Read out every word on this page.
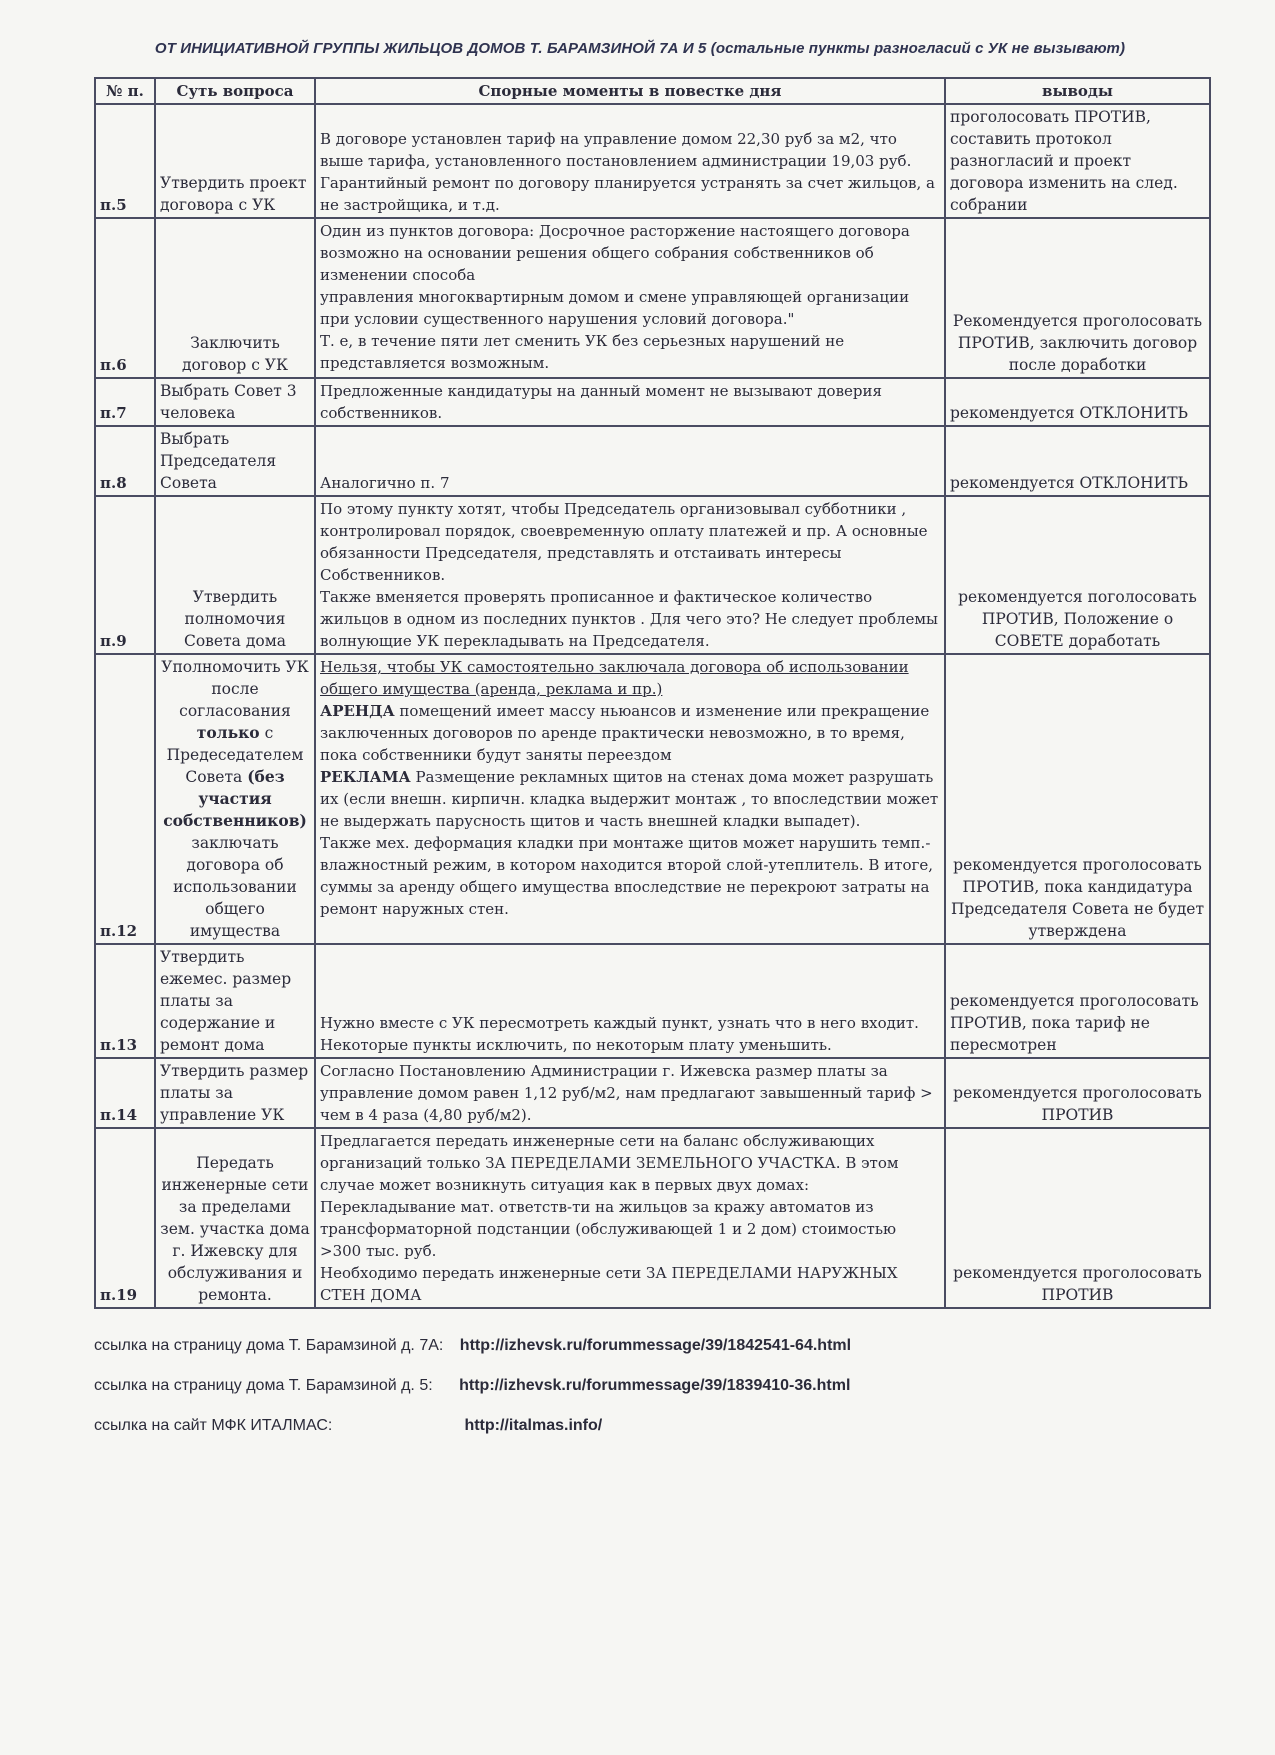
ОТ ИНИЦИАТИВНОЙ ГРУППЫ ЖИЛЬЦОВ ДОМОВ Т. БАРАМЗИНОЙ 7А И 5 (остальные пункты разногласий с УК не вызывают)
№ п.	Суть вопроса	Спорные моменты в повестке дня	выводы
п.5	Утвердить проект договора с УК	В договоре установлен тариф на управление домом 22,30 руб за м2, что выше тарифа, установленного постановлением администрации 19,03 руб. Гарантийный ремонт по договору планируется устранять за счет жильцов, а не застройщика, и т.д.	проголосовать ПРОТИВ, составить протокол разногласий и проект договора изменить на след. собрании
п.6	Заключить договор с УК	Один из пунктов договора: Досрочное расторжение настоящего договора возможно на основании решения общего собрания собственников об изменении способа
управления многоквартирным домом и смене управляющей организации при условии существенного нарушения условий договора."
Т. е, в течение пяти лет сменить УК без серьезных нарушений не представляется возможным.	Рекомендуется проголосовать ПРОТИВ, заключить договор после доработки
п.7	Выбрать Совет 3 человека	Предложенные кандидатуры на данный момент не вызывают доверия собственников.	рекомендуется ОТКЛОНИТЬ
п.8	Выбрать Председателя Совета	Аналогично п. 7	рекомендуется ОТКЛОНИТЬ
п.9	Утвердить полномочия Совета дома	По этому пункту хотят, чтобы Председатель организовывал субботники , контролировал порядок, своевременную оплату платежей и пр. А основные обязанности Председателя, представлять и отстаивать интересы Собственников.
Также вменяется проверять прописанное и фактическое количество жильцов в одном из последних пунктов . Для чего это? Не следует проблемы волнующие УК перекладывать на Председателя.	рекомендуется поголосовать ПРОТИВ, Положение о СОВЕТЕ доработать
п.12	Уполномочить УК после согласования только с Предеседателем Совета (без участия собственников) заключать договора об использовании общего имущества	Нельзя, чтобы УК самостоятельно заключала договора об использовании общего имущества (аренда, реклама и пр.)
АРЕНДА помещений имеет массу ньюансов и изменение или прекращение заключенных договоров по аренде практически невозможно, в то время, пока собственники будут заняты переездом
РЕКЛАМА Размещение рекламных щитов на стенах дома может разрушать их (если внешн. кирпичн. кладка выдержит монтаж , то впоследствии может не выдержать парусность щитов и часть внешней кладки выпадет).
Также мех. деформация кладки при монтаже щитов может нарушить темп.-влажностный режим, в котором находится второй слой-утеплитель. В итоге, суммы за аренду общего имущества впоследствие не перекроют затраты на ремонт наружных стен.	рекомендуется проголосовать ПРОТИВ, пока кандидатура Председателя Совета не будет утверждена
п.13	Утвердить ежемес. размер платы за содержание и ремонт дома	Нужно вместе с УК пересмотреть каждый пункт, узнать что в него входит. Некоторые пункты исключить, по некоторым плату уменьшить.	рекомендуется проголосовать ПРОТИВ, пока тариф не пересмотрен
п.14	Утвердить размер платы за управление УК	Согласно Постановлению Администрации г. Ижевска размер платы за управление домом равен 1,12 руб/м2, нам предлагают завышенный тариф > чем в 4 раза (4,80 руб/м2).	рекомендуется проголосовать ПРОТИВ
п.19	Передать инженерные сети за пределами зем. участка дома г. Ижевску для обслуживания и ремонта.	Предлагается передать инженерные сети на баланс обслуживающих организаций только ЗА ПЕРЕДЕЛАМИ ЗЕМЕЛЬНОГО УЧАСТКА. В этом случае может возникнуть ситуация как в первых двух домах:
Перекладывание мат. ответств-ти на жильцов за кражу автоматов из трансформаторной подстанции (обслуживающей 1 и 2 дом) стоимостью >300 тыс. руб.
Необходимо передать инженерные сети ЗА ПЕРЕДЕЛАМИ НАРУЖНЫХ СТЕН ДОМА	рекомендуется проголосовать ПРОТИВ
ссылка на страницу дома Т. Барамзиной д. 7А: http://izhevsk.ru/forummessage/39/1842541-64.html
ссылка на страницу дома Т. Барамзиной д. 5: http://izhevsk.ru/forummessage/39/1839410-36.html
ссылка на сайт МФК ИТАЛМАС:	http://italmas.info/
